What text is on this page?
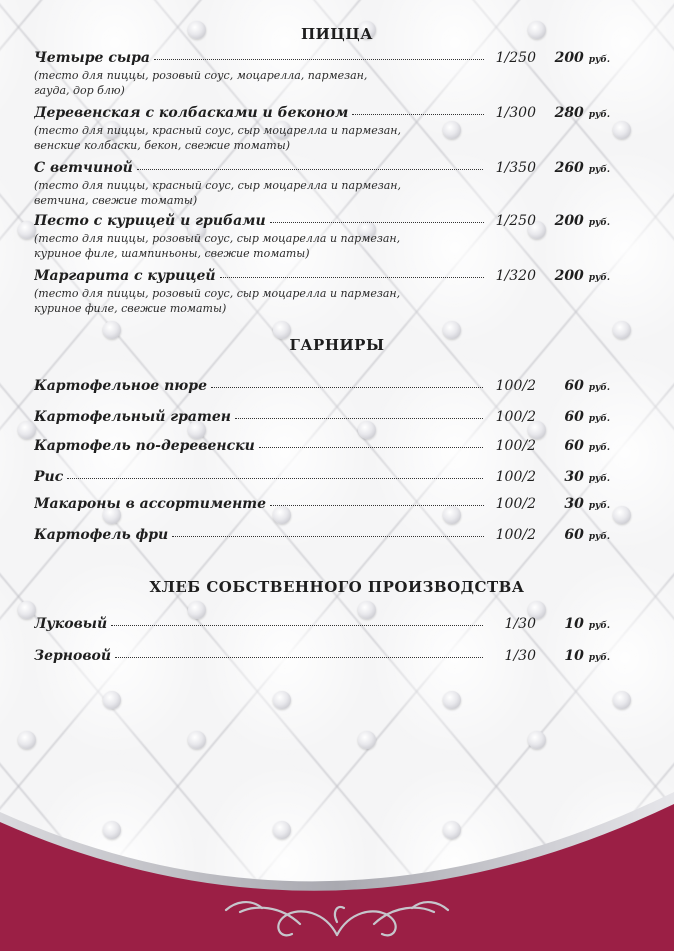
ПИЦЦА
Четыре сыра	1/250	200 руб.
(тесто для пиццы, розовый соус, моцарелла, пармезан,
гауда, дор блю)
Деревенская с колбасками и беконом	1/300	280 руб.
(тесто для пиццы, красный соус, сыр моцарелла и пармезан,
венские колбаски, бекон, свежие томаты)
С ветчиной	1/350	260 руб.
(тесто для пиццы, красный соус, сыр моцарелла и пармезан,
ветчина, свежие томаты)
Песто с курицей и грибами	1/250	200 руб.
(тесто для пиццы, розовый соус, сыр моцарелла и пармезан,
куриное филе, шампиньоны, свежие томаты)
Маргарита с курицей	1/320	200 руб.
(тесто для пиццы, розовый соус, сыр моцарелла и пармезан,
куриное филе, свежие томаты)
ГАРНИРЫ
Картофельное пюре	100/2	60 руб.
Картофельный гратен	100/2	60 руб.
Картофель по-деревенски	100/2	60 руб.
Рис	100/2	30 руб.
Макароны в ассортименте	100/2	30 руб.
Картофель фри	100/2	60 руб.
ХЛЕБ СОБСТВЕННОГО ПРОИЗВОДСТВА
Луковый	1/30	10 руб.
Зерновой	1/30	10 руб.
